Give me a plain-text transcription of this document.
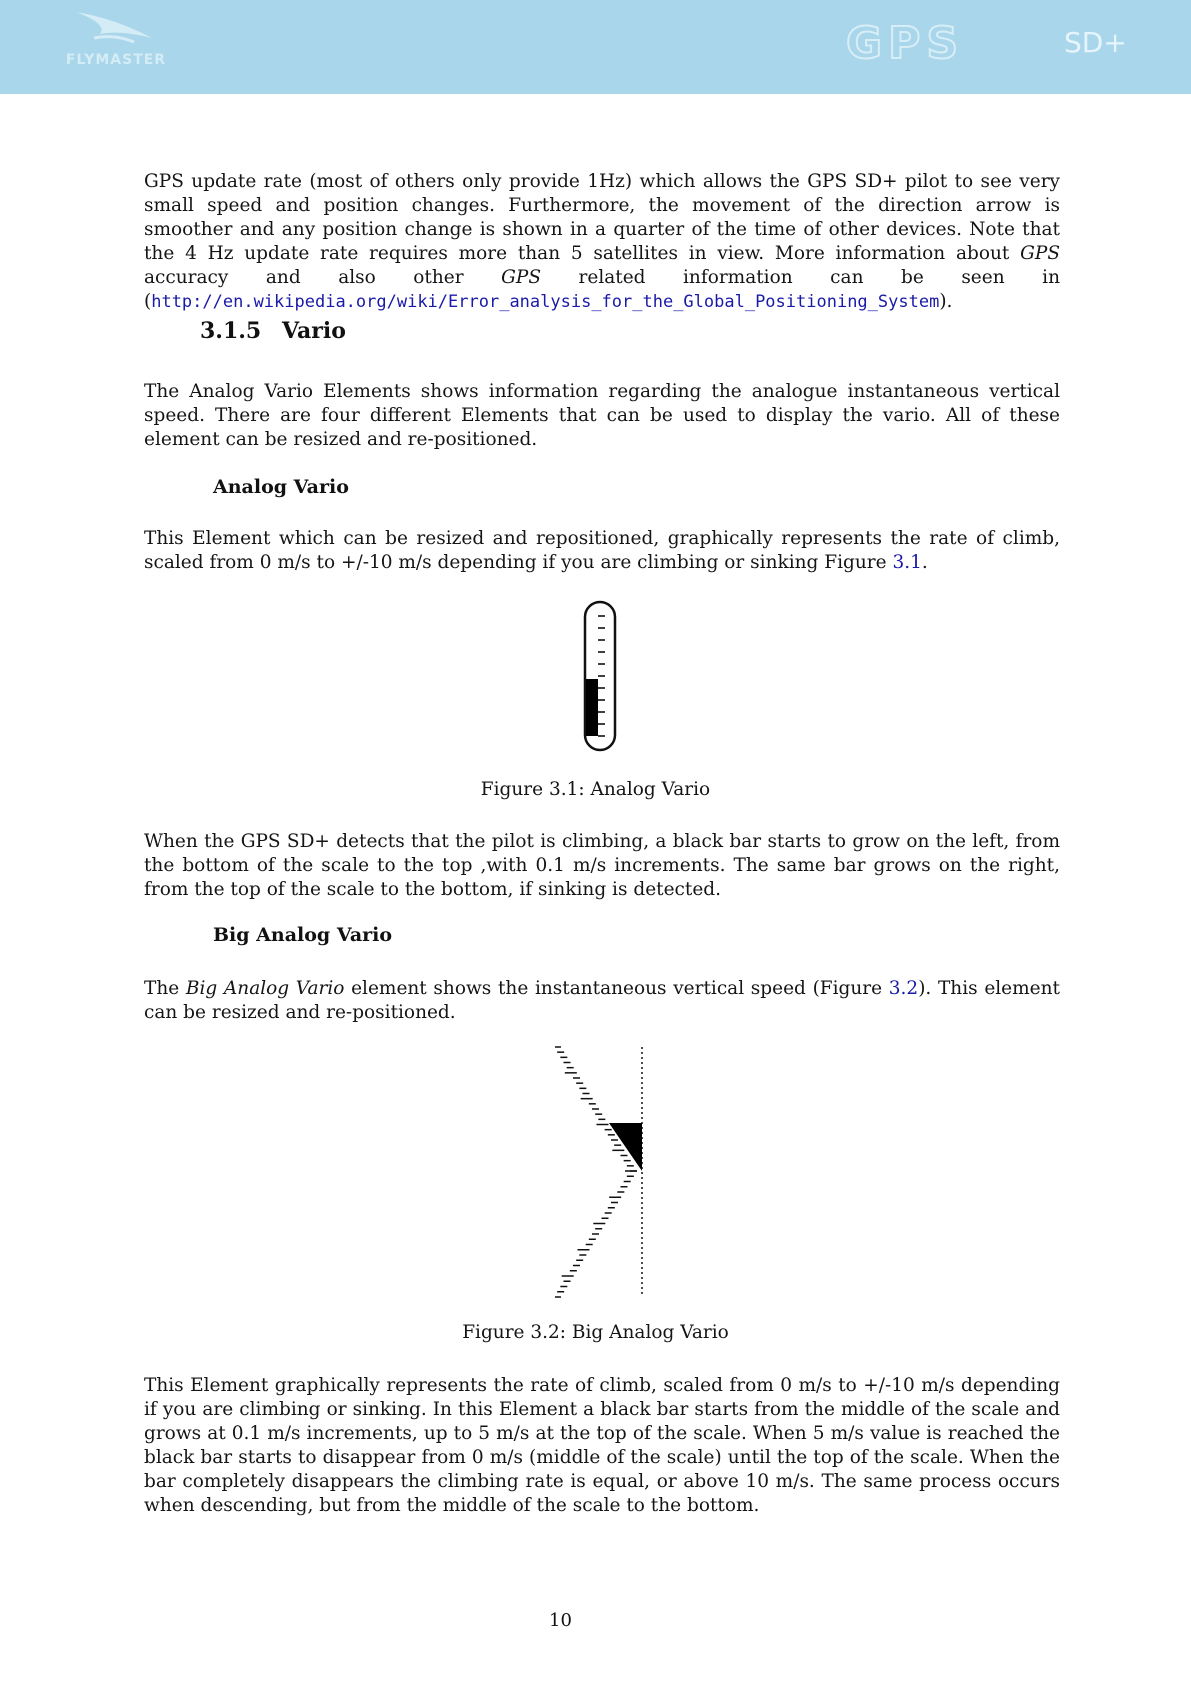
FLYMASTER	GPS	SD+

GPS update rate (most of others only provide 1Hz) which allows the GPS SD+ pilot to see very small speed and position changes. Furthermore, the movement of the direction arrow is smoother and any position change is shown in a quarter of the time of other devices. Note that the 4 Hz update rate requires more than 5 satellites in view. More information about GPS accuracy and also other GPS related information can be seen in (http://en.wikipedia.org/wiki/Error_analysis_for_the_Global_Positioning_System).

3.1.5 Vario

The Analog Vario Elements shows information regarding the analogue instantaneous vertical speed. There are four different Elements that can be used to display the vario. All of these element can be resized and re-positioned.

Analog Vario

This Element which can be resized and repositioned, graphically represents the rate of climb, scaled from 0 m/s to +/-10 m/s depending if you are climbing or sinking Figure 3.1.

Figure 3.1: Analog Vario

When the GPS SD+ detects that the pilot is climbing, a black bar starts to grow on the left, from the bottom of the scale to the top ,with 0.1 m/s increments. The same bar grows on the right, from the top of the scale to the bottom, if sinking is detected.

Big Analog Vario

The Big Analog Vario element shows the instantaneous vertical speed (Figure 3.2). This element can be resized and re-positioned.

Figure 3.2: Big Analog Vario

This Element graphically represents the rate of climb, scaled from 0 m/s to +/-10 m/s depending if you are climbing or sinking. In this Element a black bar starts from the middle of the scale and grows at 0.1 m/s increments, up to 5 m/s at the top of the scale. When 5 m/s value is reached the black bar starts to disappear from 0 m/s (middle of the scale) until the top of the scale. When the bar completely disappears the climbing rate is equal, or above 10 m/s. The same process occurs when descending, but from the middle of the scale to the bottom.

10
